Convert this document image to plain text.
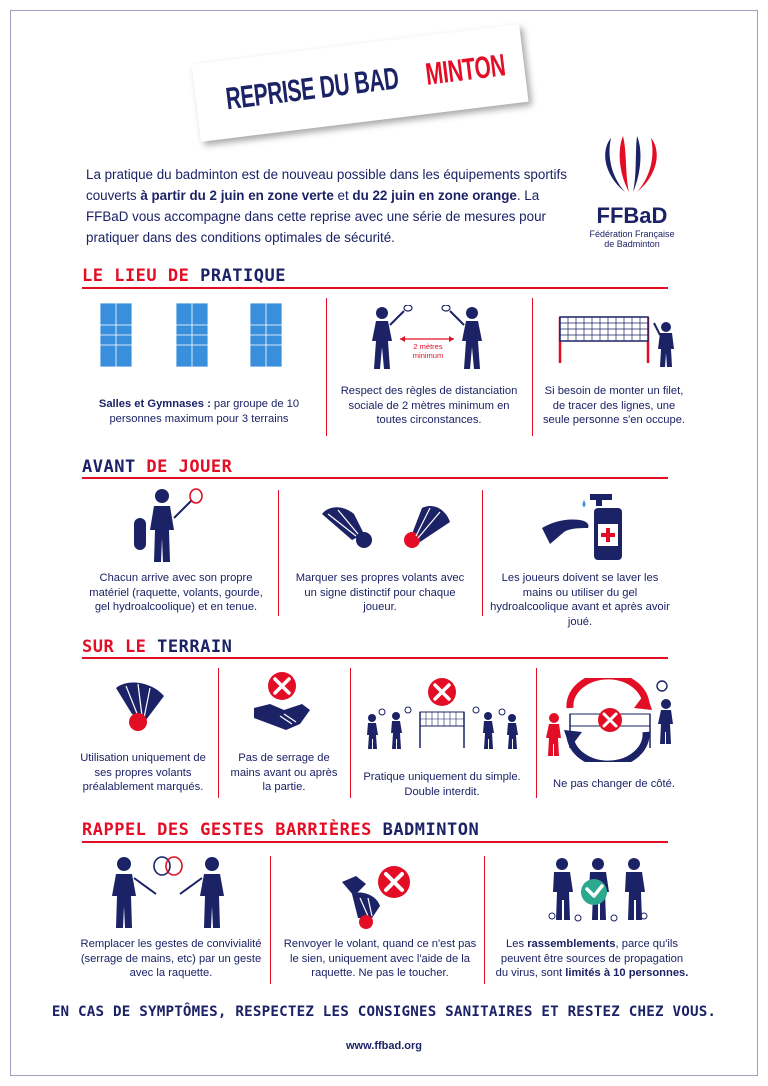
REPRISE DU BAD MINTON
La pratique du badminton est de nouveau possible dans les équipements sportifs couverts à partir du 2 juin en zone verte et du 22 juin en zone orange. La FFBaD vous accompagne dans cette reprise avec une série de mesures pour pratiquer dans des conditions optimales de sécurité.
FFBaD
Fédération Française
de Badminton
LE LIEU DE PRATIQUE
Salles et Gymnases : par groupe de 10 personnes maximum pour 3 terrains
2 mètres
minimum
Respect des règles de distanciation sociale de 2 mètres minimum en toutes circonstances.
Si besoin de monter un filet, de tracer des lignes, une seule personne s'en occupe.
AVANT DE JOUER
Chacun arrive avec son propre matériel (raquette, volants, gourde, gel hydroalcoolique) et en tenue.
Marquer ses propres volants avec un signe distinctif pour chaque joueur.
Les joueurs doivent se laver les mains ou utiliser du gel hydroalcoolique avant et après avoir joué.
SUR LE TERRAIN
Utilisation uniquement de ses propres volants préalablement marqués.
Pas de serrage de mains avant ou après la partie.
Pratique uniquement du simple. Double interdit.
Ne pas changer de côté.
RAPPEL DES GESTES BARRIÈRES BADMINTON
Remplacer les gestes de convivialité (serrage de mains, etc) par un geste avec la raquette.
Renvoyer le volant, quand ce n'est pas le sien, uniquement avec l'aide de la raquette. Ne pas le toucher.
Les rassemblements, parce qu'ils peuvent être sources de propagation du virus, sont limités à 10 personnes.
EN CAS DE SYMPTÔMES, RESPECTEZ LES CONSIGNES SANITAIRES ET RESTEZ CHEZ VOUS.
www.ffbad.org
